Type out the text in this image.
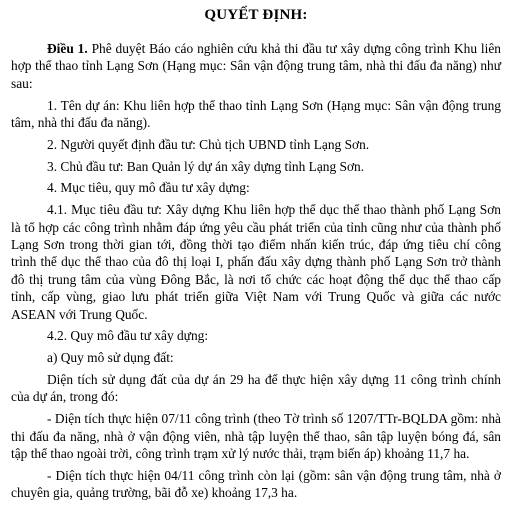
QUYẾT ĐỊNH:

Điều 1. Phê duyệt Báo cáo nghiên cứu khả thi đầu tư xây dựng công trình Khu liên hợp thể thao tỉnh Lạng Sơn (Hạng mục: Sân vận động trung tâm, nhà thi đấu đa năng) như sau:

1. Tên dự án: Khu liên hợp thể thao tỉnh Lạng Sơn (Hạng mục: Sân vận động trung tâm, nhà thi đấu đa năng).

2. Người quyết định đầu tư: Chủ tịch UBND tỉnh Lạng Sơn.

3. Chủ đầu tư: Ban Quản lý dự án xây dựng tỉnh Lạng Sơn.

4. Mục tiêu, quy mô đầu tư xây dựng:

4.1. Mục tiêu đầu tư: Xây dựng Khu liên hợp thể dục thể thao thành phố Lạng Sơn là tổ hợp các công trình nhằm đáp ứng yêu cầu phát triển của tỉnh cũng như của thành phố Lạng Sơn trong thời gian tới, đồng thời tạo điểm nhấn kiến trúc, đáp ứng tiêu chí công trình thể dục thể thao của đô thị loại I, phấn đấu xây dựng thành phố Lạng Sơn trở thành đô thị trung tâm của vùng Đông Bắc, là nơi tổ chức các hoạt động thể dục thể thao cấp tỉnh, cấp vùng, giao lưu phát triển giữa Việt Nam với Trung Quốc và giữa các nước ASEAN với Trung Quốc.

4.2. Quy mô đầu tư xây dựng:

a) Quy mô sử dụng đất:

Diện tích sử dụng đất của dự án 29 ha để thực hiện xây dựng 11 công trình chính của dự án, trong đó:

- Diện tích thực hiện 07/11 công trình (theo Tờ trình số 1207/TTr-BQLDA gồm: nhà thi đấu đa năng, nhà ở vận động viên, nhà tập luyện thể thao, sân tập luyện bóng đá, sân tập thể thao ngoài trời, công trình trạm xử lý nước thải, trạm biến áp) khoảng 11,7 ha.

- Diện tích thực hiện 04/11 công trình còn lại (gồm: sân vận động trung tâm, nhà ở chuyên gia, quảng trường, bãi đỗ xe) khoảng 17,3 ha.
